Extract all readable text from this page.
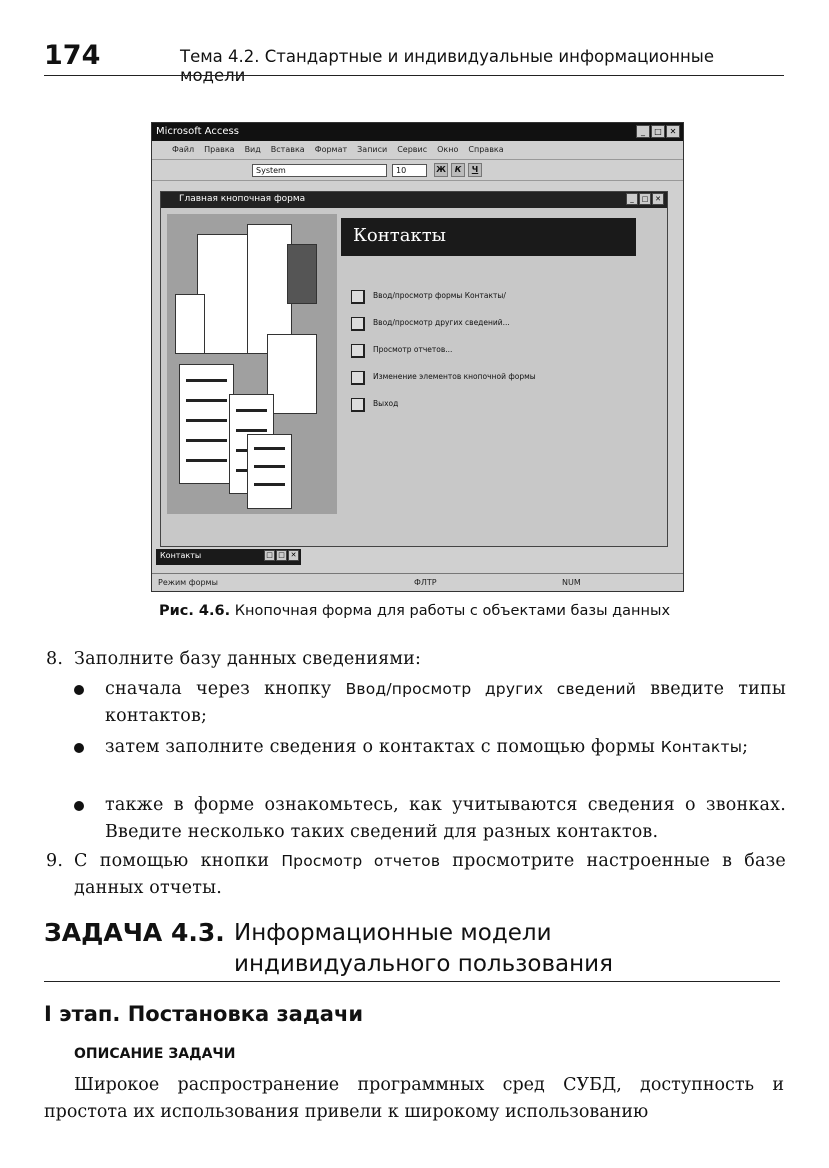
174	Тема 4.2. Стандартные и индивидуальные информационные модели
Microsoft Access	_	□ ✕
Файл Правка Вид Вставка Формат Записи Сервис Окно Справка
System	10	Ж	К	Ч
Главная кнопочная форма	_	□ ✕
Контакты
Ввод/просмотр формы Контакты/
Ввод/просмотр других сведений...
Просмотр отчетов...
Изменение элементов кнопочной формы
Выход
Контакты	□ □ ✕
Режим формы	ФЛТР	NUM
Рис. 4.6. Кнопочная форма для работы с объектами базы данных
8. Заполните базу данных сведениями:
сначала через кнопку Ввод/просмотр других сведений введите типы контактов;
затем заполните сведения о контактах с помощью формы Контакты;
также в форме ознакомьтесь, как учитываются сведения о звонках. Введите несколько таких сведений для разных контактов.
9. С помощью кнопки Просмотр отчетов просмотрите настроенные в базе данных отчеты.
ЗАДАЧА 4.3. Информационные модели
индивидуального пользования
I этап. Постановка задачи
ОПИСАНИЕ ЗАДАЧИ
Широкое распространение программных сред СУБД, доступность и простота их использования привели к широкому использованию
